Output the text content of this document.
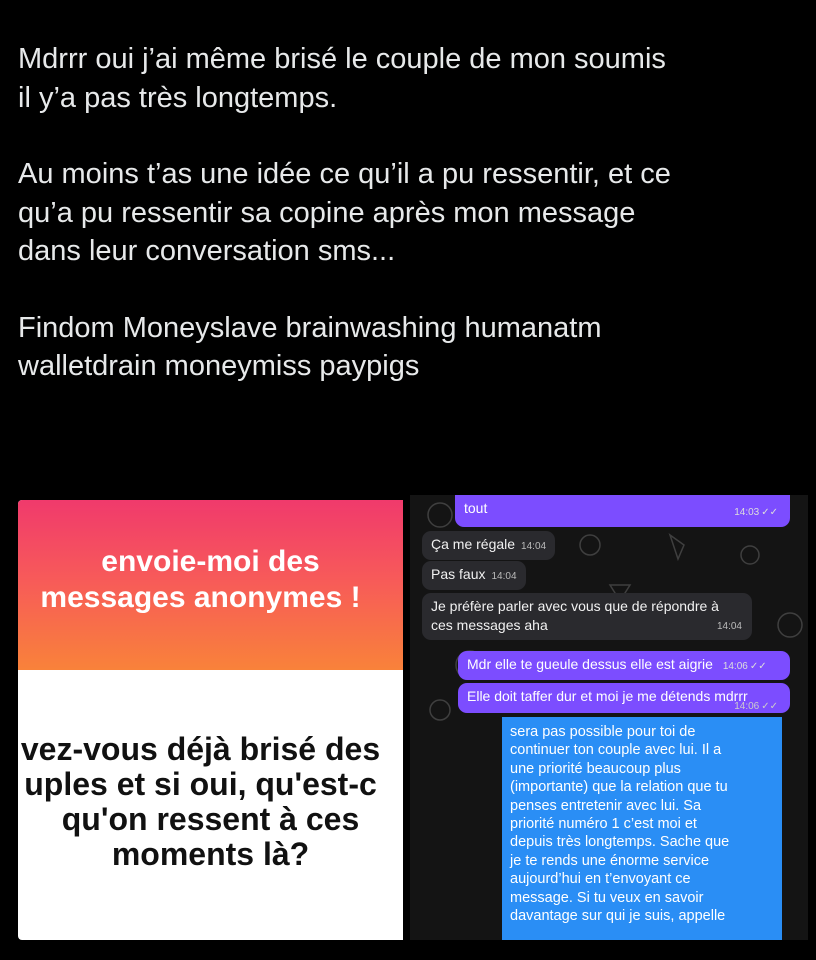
Mdrrr oui j’ai même brisé le couple de mon soumis

il y’a pas très longtemps.

Au moins t’as une idée ce qu’il a pu ressentir, et ce

qu’a pu ressentir sa copine après mon message

dans leur conversation sms...

Findom Moneyslave brainwashing humanatm

walletdrain moneymiss paypigs

envoie-moi des
messages anonymes !
vez-vous déjà brisé des
uples et si oui, qu'est-c
qu'on ressent à ces
moments là?
tout	14:03 ✓✓
Ça me régale 14:04
Pas faux 14:04
Je préfère parler avec vous que de répondre à ces messages aha	14:04
Mdr elle te gueule dessus elle est aigrie 14:06 ✓✓
Elle doit taffer dur et moi je me détends mdrrr
14:06 ✓✓
sera pas possible pour toi de
continuer ton couple avec lui. Il a
une priorité beaucoup plus
(importante) que la relation que tu
penses entretenir avec lui. Sa
priorité numéro 1 c’est moi et
depuis très longtemps. Sache que
je te rends une énorme service
aujourd’hui en t’envoyant ce
message. Si tu veux en savoir
davantage sur qui je suis, appelle
